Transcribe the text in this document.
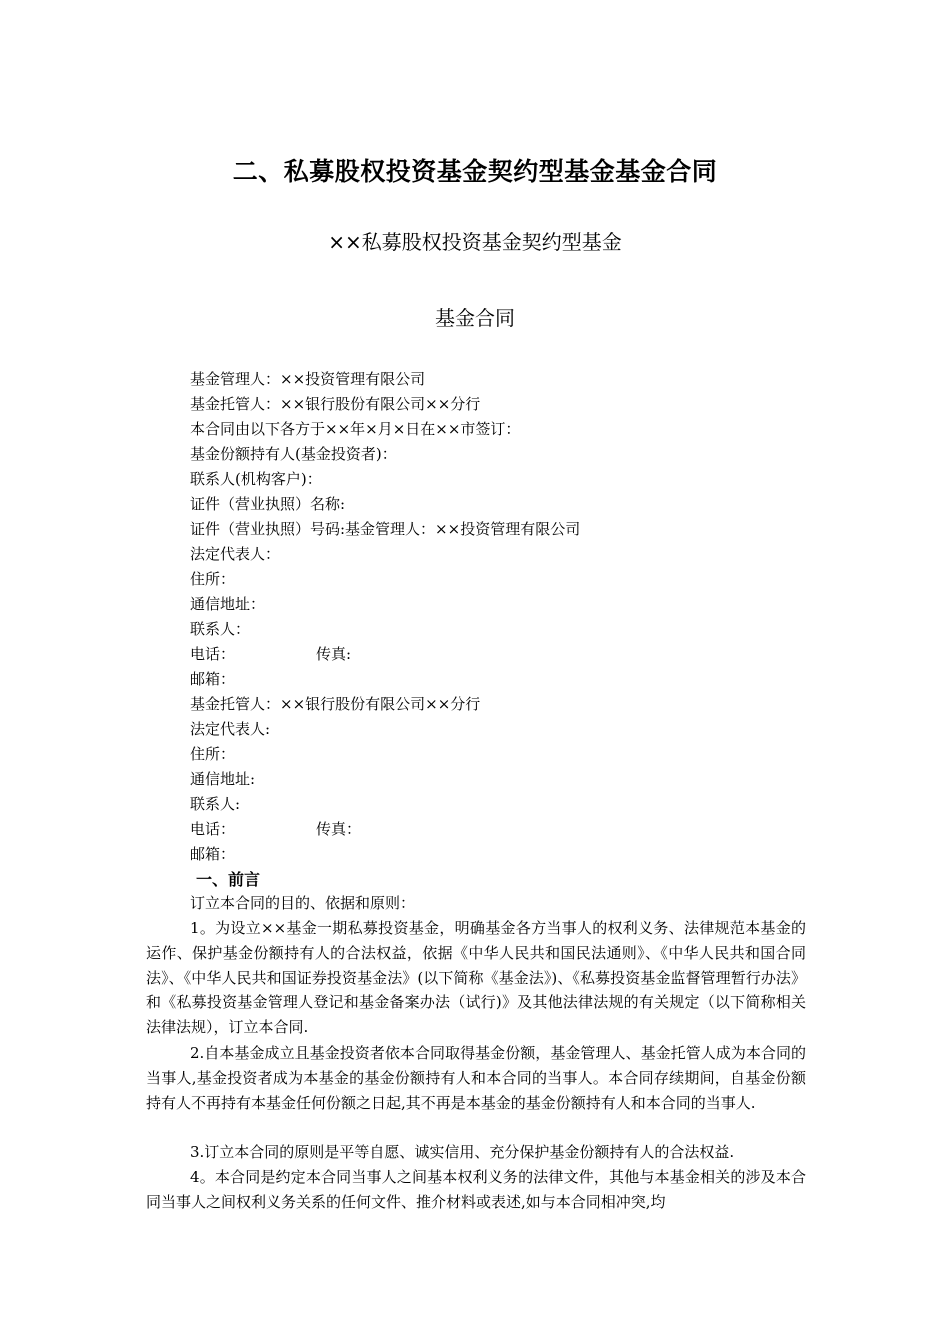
二、私募股权投资基金契约型基金基金合同
××私募股权投资基金契约型基金
基金合同
基金管理人：××投资管理有限公司
基金托管人：××银行股份有限公司××分行
本合同由以下各方于××年×月×日在××市签订：
基金份额持有人(基金投资者)：
联系人(机构客户)：
证件（营业执照）名称:
证件（营业执照）号码:基金管理人：××投资管理有限公司
法定代表人：
住所：
通信地址：
联系人：
电话：	传真:
邮箱：
基金托管人：××银行股份有限公司××分行
法定代表人:
住所：
通信地址:
联系人:
电话：	传真：
邮箱：
一、前言
订立本合同的目的、依据和原则：
1。为设立××基金一期私募投资基金，明确基金各方当事人的权利义务、法律规范本基金的运作、保护基金份额持有人的合法权益，依据《中华人民共和国民法通则》、《中华人民共和国合同法》、《中华人民共和国证券投资基金法》(以下简称《基金法》)、《私募投资基金监督管理暂行办法》和《私募投资基金管理人登记和基金备案办法（试行)》及其他法律法规的有关规定（以下简称相关法律法规），订立本合同.
2.自本基金成立且基金投资者依本合同取得基金份额，基金管理人、基金托管人成为本合同的当事人,基金投资者成为本基金的基金份额持有人和本合同的当事人。本合同存续期间，自基金份额持有人不再持有本基金任何份额之日起,其不再是本基金的基金份额持有人和本合同的当事人.
3.订立本合同的原则是平等自愿、诚实信用、充分保护基金份额持有人的合法权益.
4。本合同是约定本合同当事人之间基本权利义务的法律文件，其他与本基金相关的涉及本合同当事人之间权利义务关系的任何文件、推介材料或表述,如与本合同相冲突,均
